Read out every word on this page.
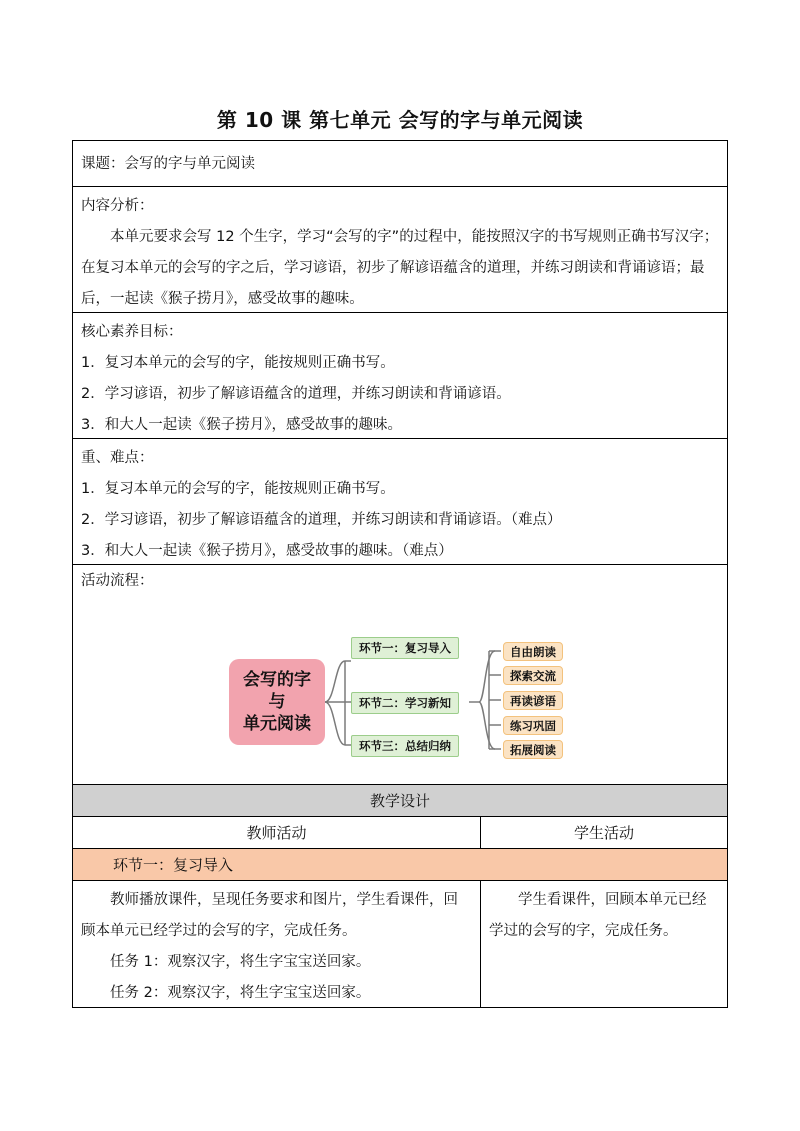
第 10 课 第七单元 会写的字与单元阅读
课题：会写的字与单元阅读
内容分析：
本单元要求会写 12 个生字，学习“会写的字”的过程中，能按照汉字的书写规则正确书写汉字；在复习本单元的会写的字之后，学习谚语，初步了解谚语蕴含的道理，并练习朗读和背诵谚语；最后，一起读《猴子捞月》，感受故事的趣味。
核心素养目标：
1．复习本单元的会写的字，能按规则正确书写。
2．学习谚语，初步了解谚语蕴含的道理，并练习朗读和背诵谚语。
3．和大人一起读《猴子捞月》，感受故事的趣味。
重、难点：
1．复习本单元的会写的字，能按规则正确书写。
2．学习谚语，初步了解谚语蕴含的道理，并练习朗读和背诵谚语。（难点）
3．和大人一起读《猴子捞月》，感受故事的趣味。（难点）
活动流程：
会写的字
与
单元阅读
环节一：复习导入
环节二：学习新知
环节三：总结归纳
自由朗读
探索交流
再读谚语
练习巩固
拓展阅读
教学设计
教师活动	学生活动
环节一：复习导入
教师播放课件，呈现任务要求和图片，学生看课件，回顾本单元已经学过的会写的字，完成任务。
任务 1：观察汉字，将生字宝宝送回家。
任务 2：观察汉字，将生字宝宝送回家。
学生看课件，回顾本单元已经学过的会写的字，完成任务。
